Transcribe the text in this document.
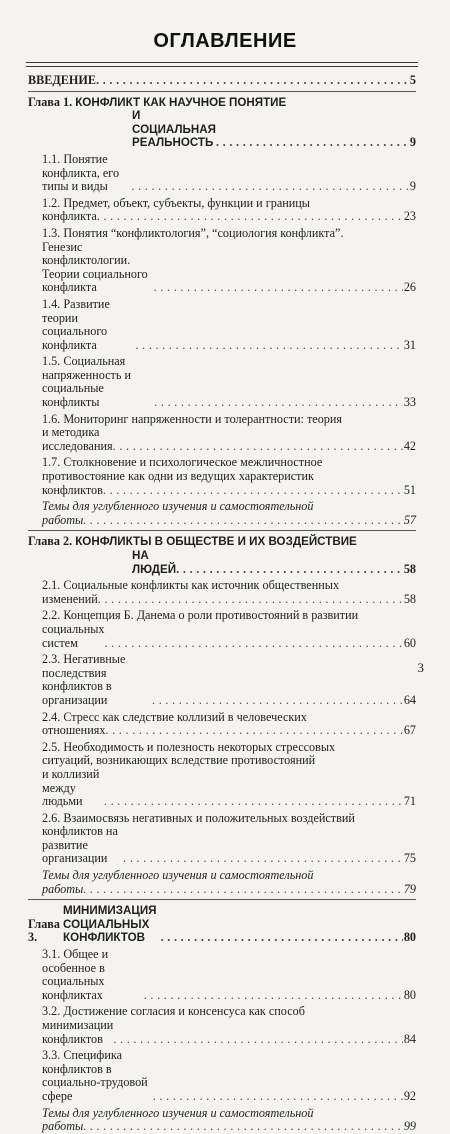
ОГЛАВЛЕНИЕ
ВВЕДЕНИЕ . . .	5
Глава 1.
КОНФЛИКТ КАК НАУЧНОЕ ПОНЯТИЕ
И СОЦИАЛЬНАЯ РЕАЛЬНОСТЬ . . .	9
1.1. Понятие конфликта, его типы и виды . . .	9
1.2. Предмет, объект, субъекты, функции и границы
конфликта . . .	23
1.3. Понятия “конфликтология”, “социология конфликта”.
Генезис конфликтологии. Теории социального конфликта . . .	26
1.4. Развитие теории социального конфликта . . .	31
1.5. Социальная напряженность и социальные конфликты . . .	33
1.6. Мониторинг напряженности и толерантности: теория
и методика исследования . . .	42
1.7. Столкновение и психологическое межличностное
противостояние как одни из ведущих характеристик
конфликтов . . .	51
Темы для углубленного изучения и самостоятельной
работы . . .	57
Глава 2.
КОНФЛИКТЫ В ОБЩЕСТВЕ И ИХ ВОЗДЕЙСТВИЕ
НА ЛЮДЕЙ . . .	58
2.1. Социальные конфликты как источник общественных
изменений . . .	58
2.2. Концепция Б. Данема о роли противостояний в развитии
социальных систем . . .	60
2.3. Негативные последствия конфликтов в организации . . .	64
2.4. Стресс как следствие коллизий в человеческих
отношениях . . .	67
2.5. Необходимость и полезность некоторых стрессовых
ситуаций, возникающих вследствие противостояний
и коллизий между людьми . . .	71
2.6. Взаимосвязь негативных и положительных воздействий
конфликтов на развитие организации . . .	75
Темы для углубленного изучения и самостоятельной
работы . . .	79
Глава 3.

МИНИМИЗАЦИЯ СОЦИАЛЬНЫХ КОНФЛИКТОВ . . .	80
3.1. Общее и особенное в социальных конфликтах . . .	80
3.2. Достижение согласия и консенсуса как способ
минимизации конфликтов . . .	84
3.3. Специфика конфликтов в социально-трудовой сфере . . .	92
Темы для углубленного изучения и самостоятельной
работы . . .	99
3
